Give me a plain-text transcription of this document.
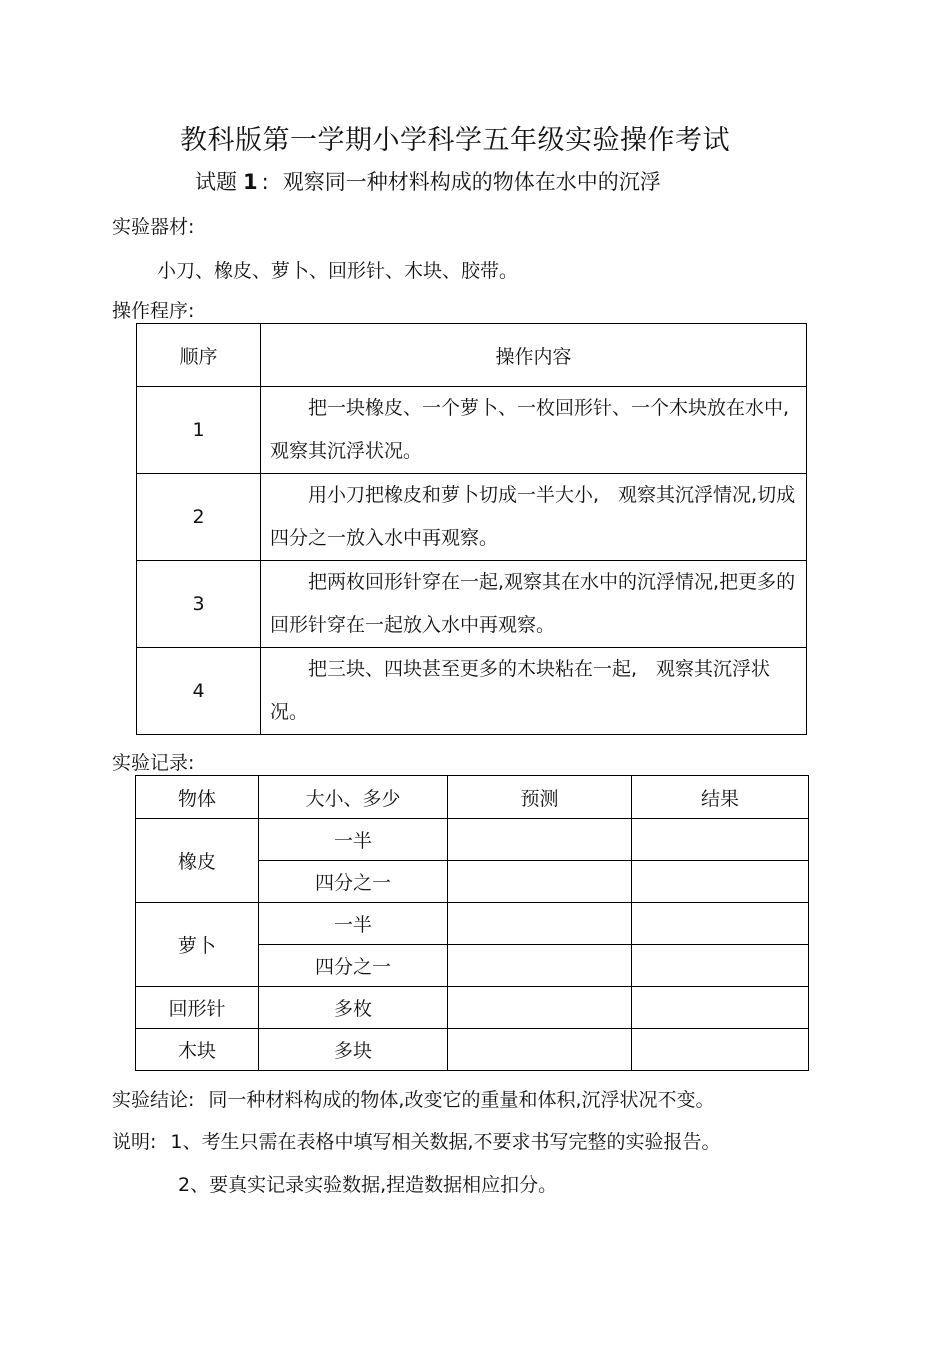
教科版第一学期小学科学五年级实验操作考试
试题 1 : 观察同一种材料构成的物体在水中的沉浮
实验器材:
小刀、橡皮、萝卜、回形针、木块、胶带。
操作程序:
顺序	操作内容
1	把一块橡皮、一个萝卜、一枚回形针、一个木块放在水中,观察其沉浮状况。
2	用小刀把橡皮和萝卜切成一半大小,　观察其沉浮情况,切成四分之一放入水中再观察。
3	把两枚回形针穿在一起,观察其在水中的沉浮情况,把更多的回形针穿在一起放入水中再观察。
4	把三块、四块甚至更多的木块粘在一起,　观察其沉浮状况。
实验记录:
物体	大小、多少	预测	结果
橡皮	一半		
	四分之一		
萝卜	一半		
	四分之一		
回形针	多枚		
木块	多块		
实验结论: 同一种材料构成的物体,改变它的重量和体积,沉浮状况不变。
说明: 1、考生只需在表格中填写相关数据,不要求书写完整的实验报告。
2、要真实记录实验数据,捏造数据相应扣分。
